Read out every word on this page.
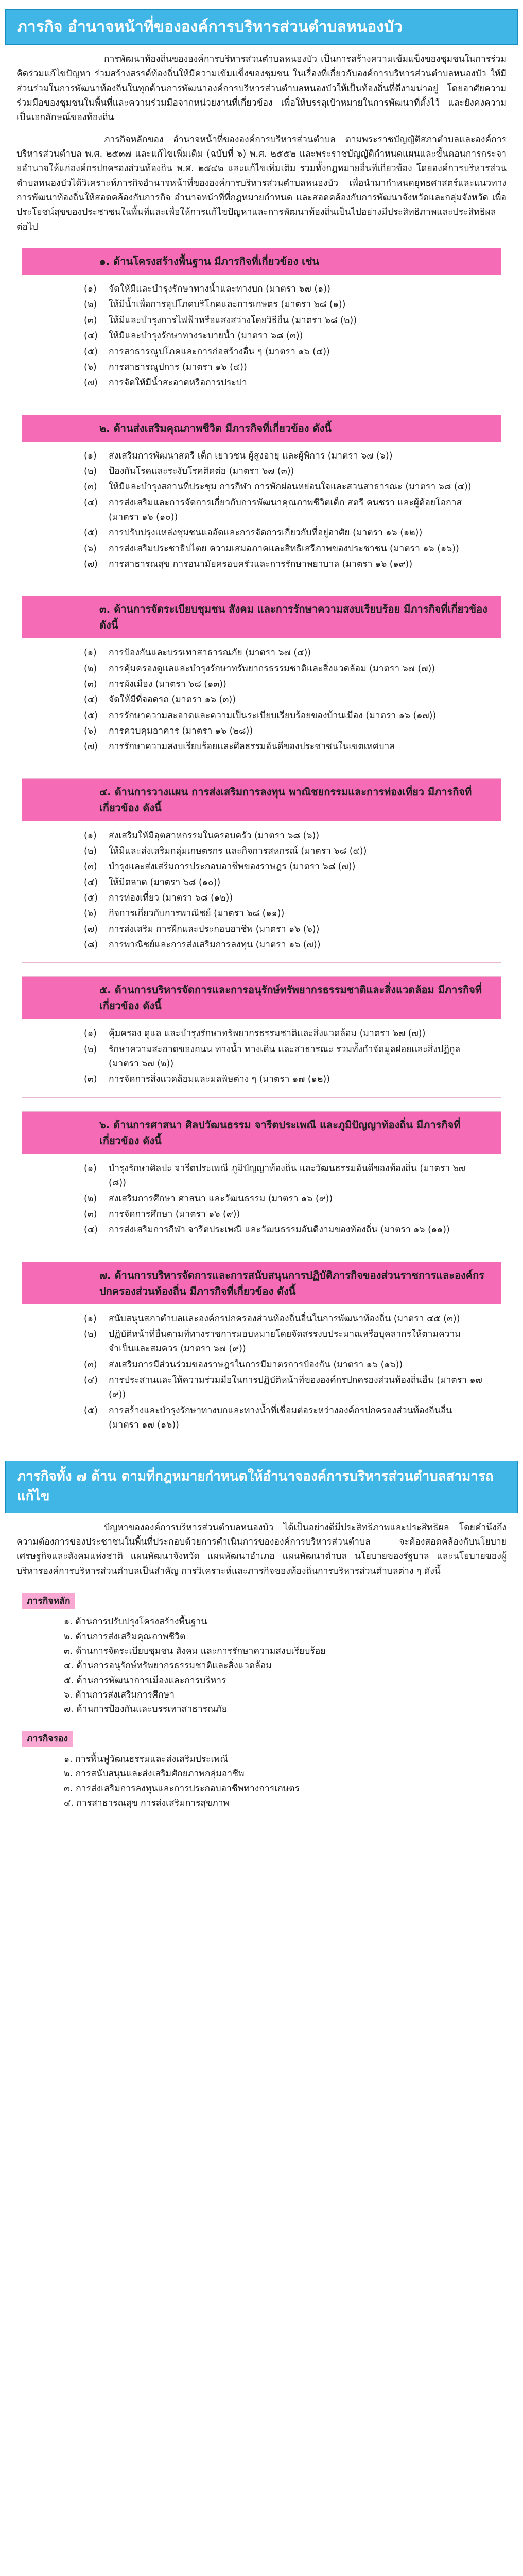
ภารกิจ อำนาจหน้าที่ขององค์การบริหารส่วนตำบลหนองบัว

การพัฒนาท้องถิ่นขององค์การบริหารส่วนตำบลหนองบัว เป็นการสร้างความเข้มแข็งของชุมชนในการร่วมคิดร่วมแก้ไขปัญหา ร่วมสร้างสรรค์ท้องถิ่นให้มีความเข้มแข็งของชุมชน ในเรื่องที่เกี่ยวกับองค์การบริหารส่วนตำบลหนองบัว ให้มีส่วนร่วมในการพัฒนาท้องถิ่นในทุกด้านการพัฒนาองค์การบริหารส่วนตำบลหนองบัวให้เป็นท้องถิ่นที่ดีงามน่าอยู่ โดยอาศัยความร่วมมือของชุมชนในพื้นที่และความร่วมมือจากหน่วยงานที่เกี่ยวข้อง เพื่อให้บรรลุเป้าหมายในการพัฒนาที่ตั้งไว้ และยังคงความเป็นเอกลักษณ์ของท้องถิ่น

ภารกิจหลักของ อำนาจหน้าที่ขององค์การบริหารส่วนตำบล ตามพระราชบัญญัติสภาตำบลและองค์การบริหารส่วนตำบล พ.ศ. ๒๕๓๗ และแก้ไขเพิ่มเติม (ฉบับที่ ๖) พ.ศ. ๒๕๕๒ และพระราชบัญญัติกำหนดแผนและขั้นตอนการกระจายอำนาจให้แก่องค์กรปกครองส่วนท้องถิ่น พ.ศ. ๒๕๔๒ และแก้ไขเพิ่มเติม รวมทั้งกฎหมายอื่นที่เกี่ยวข้อง โดยองค์การบริหารส่วนตำบลหนองบัวได้วิเคราะห์ภารกิจอำนาจหน้าที่ขององค์การบริหารส่วนตำบลหนองบัว เพื่อนำมากำหนดยุทธศาสตร์และแนวทางการพัฒนาท้องถิ่นให้สอดคล้องกับภารกิจ อำนาจหน้าที่ที่กฎหมายกำหนด และสอดคล้องกับการพัฒนาจังหวัดและกลุ่มจังหวัด เพื่อประโยชน์สุขของประชาชนในพื้นที่และเพื่อให้การแก้ไขปัญหาและการพัฒนาท้องถิ่นเป็นไปอย่างมีประสิทธิภาพและประสิทธิผลต่อไป

๑. ด้านโครงสร้างพื้นฐาน มีภารกิจที่เกี่ยวข้อง เช่น
(๑) จัดให้มีและบำรุงรักษาทางน้ำและทางบก (มาตรา ๖๗ (๑))
(๒) ให้มีน้ำเพื่อการอุปโภคบริโภคและการเกษตร (มาตรา ๖๘ (๑))
(๓) ให้มีและบำรุงการไฟฟ้าหรือแสงสว่างโดยวิธีอื่น (มาตรา ๖๘ (๒))
(๔) ให้มีและบำรุงรักษาทางระบายน้ำ (มาตรา ๖๘ (๓))
(๕) การสาธารณูปโภคและการก่อสร้างอื่น ๆ (มาตรา ๑๖ (๔))
(๖) การสาธารณูปการ (มาตรา ๑๖ (๕))
(๗) การจัดให้มีน้ำสะอาดหรือการประปา
๒. ด้านส่งเสริมคุณภาพชีวิต มีภารกิจที่เกี่ยวข้อง ดังนี้
(๑) ส่งเสริมการพัฒนาสตรี เด็ก เยาวชน ผู้สูงอายุ และผู้พิการ (มาตรา ๖๗ (๖))
(๒) ป้องกันโรคและระงับโรคติดต่อ (มาตรา ๖๗ (๓))
(๓) ให้มีและบำรุงสถานที่ประชุม การกีฬา การพักผ่อนหย่อนใจและสวนสาธารณะ (มาตรา ๖๘ (๔))
(๔) การส่งเสริมและการจัดการเกี่ยวกับการพัฒนาคุณภาพชีวิตเด็ก สตรี คนชรา และผู้ด้อยโอกาส (มาตรา ๑๖ (๑๐))
(๕) การปรับปรุงแหล่งชุมชนแออัดและการจัดการเกี่ยวกับที่อยู่อาศัย (มาตรา ๑๖ (๑๒))
(๖) การส่งเสริมประชาธิปไตย ความเสมอภาคและสิทธิเสรีภาพของประชาชน (มาตรา ๑๖ (๑๖))
(๗) การสาธารณสุข การอนามัยครอบครัวและการรักษาพยาบาล (มาตรา ๑๖ (๑๙))
๓. ด้านการจัดระเบียบชุมชน สังคม และการรักษาความสงบเรียบร้อย มีภารกิจที่เกี่ยวข้อง ดังนี้
(๑) การป้องกันและบรรเทาสาธารณภัย (มาตรา ๖๗ (๔))
(๒) การคุ้มครองดูแลและบำรุงรักษาทรัพยากรธรรมชาติและสิ่งแวดล้อม (มาตรา ๖๗ (๗))
(๓) การผังเมือง (มาตรา ๖๘ (๑๓))
(๔) จัดให้มีที่จอดรถ (มาตรา ๑๖ (๓))
(๕) การรักษาความสะอาดและความเป็นระเบียบเรียบร้อยของบ้านเมือง (มาตรา ๑๖ (๑๗))
(๖) การควบคุมอาคาร (มาตรา ๑๖ (๒๘))
(๗) การรักษาความสงบเรียบร้อยและศีลธรรมอันดีของประชาชนในเขตเทศบาล
๔. ด้านการวางแผน การส่งเสริมการลงทุน พาณิชยกรรมและการท่องเที่ยว มีภารกิจที่เกี่ยวข้อง ดังนี้
(๑) ส่งเสริมให้มีอุตสาหกรรมในครอบครัว (มาตรา ๖๘ (๖))
(๒) ให้มีและส่งเสริมกลุ่มเกษตรกร และกิจการสหกรณ์ (มาตรา ๖๘ (๕))
(๓) บำรุงและส่งเสริมการประกอบอาชีพของราษฎร (มาตรา ๖๘ (๗))
(๔) ให้มีตลาด (มาตรา ๖๘ (๑๐))
(๕) การท่องเที่ยว (มาตรา ๖๘ (๑๒))
(๖) กิจการเกี่ยวกับการพาณิชย์ (มาตรา ๖๘ (๑๑))
(๗) การส่งเสริม การฝึกและประกอบอาชีพ (มาตรา ๑๖ (๖))
(๘) การพาณิชย์และการส่งเสริมการลงทุน (มาตรา ๑๖ (๗))
๕. ด้านการบริหารจัดการและการอนุรักษ์ทรัพยากรธรรมชาติและสิ่งแวดล้อม มีภารกิจที่เกี่ยวข้อง ดังนี้
(๑) คุ้มครอง ดูแล และบำรุงรักษาทรัพยากรธรรมชาติและสิ่งแวดล้อม (มาตรา ๖๗ (๗))
(๒) รักษาความสะอาดของถนน ทางน้ำ ทางเดิน และสาธารณะ รวมทั้งกำจัดมูลฝอยและสิ่งปฏิกูล (มาตรา ๖๗ (๒))
(๓) การจัดการสิ่งแวดล้อมและมลพิษต่าง ๆ (มาตรา ๑๗ (๑๒))
๖. ด้านการศาสนา ศิลปวัฒนธรรม จารีตประเพณี และภูมิปัญญาท้องถิ่น มีภารกิจที่เกี่ยวข้อง ดังนี้
(๑) บำรุงรักษาศิลปะ จารีตประเพณี ภูมิปัญญาท้องถิ่น และวัฒนธรรมอันดีของท้องถิ่น (มาตรา ๖๗ (๘))
(๒) ส่งเสริมการศึกษา ศาสนา และวัฒนธรรม (มาตรา ๑๖ (๙))
(๓) การจัดการศึกษา (มาตรา ๑๖ (๙))
(๔) การส่งเสริมการกีฬา จารีตประเพณี และวัฒนธรรมอันดีงามของท้องถิ่น (มาตรา ๑๖ (๑๑))
๗. ด้านการบริหารจัดการและการสนับสนุนการปฏิบัติภารกิจของส่วนราชการและองค์กรปกครองส่วนท้องถิ่น มีภารกิจที่เกี่ยวข้อง ดังนี้
(๑) สนับสนุนสภาตำบลและองค์กรปกครองส่วนท้องถิ่นอื่นในการพัฒนาท้องถิ่น (มาตรา ๔๕ (๓))
(๒) ปฏิบัติหน้าที่อื่นตามที่ทางราชการมอบหมายโดยจัดสรรงบประมาณหรือบุคลากรให้ตามความจำเป็นและสมควร (มาตรา ๖๗ (๙))
(๓) ส่งเสริมการมีส่วนร่วมของราษฎรในการมีมาตรการป้องกัน (มาตรา ๑๖ (๑๖))
(๔) การประสานและให้ความร่วมมือในการปฏิบัติหน้าที่ขององค์กรปกครองส่วนท้องถิ่นอื่น (มาตรา ๑๗ (๙))
(๕) การสร้างและบำรุงรักษาทางบกและทางน้ำที่เชื่อมต่อระหว่างองค์กรปกครองส่วนท้องถิ่นอื่น (มาตรา ๑๗ (๑๖))
ภารกิจทั้ง ๗ ด้าน ตามที่กฎหมายกำหนดให้อำนาจองค์การบริหารส่วนตำบลสามารถแก้ไข

ปัญหาขององค์การบริหารส่วนตำบลหนองบัว ได้เป็นอย่างดีมีประสิทธิภาพและประสิทธิผล โดยคำนึงถึงความต้องการของประชาชนในพื้นที่ประกอบด้วยการดำเนินการขององค์การบริหารส่วนตำบล จะต้องสอดคล้องกับนโยบายเศรษฐกิจและสังคมแห่งชาติ แผนพัฒนาจังหวัด แผนพัฒนาอำเภอ แผนพัฒนาตำบล นโยบายของรัฐบาล และนโยบายของผู้บริหารองค์การบริหารส่วนตำบลเป็นสำคัญ การวิเคราะห์และภารกิจของท้องถิ่นการบริหารส่วนตำบลต่าง ๆ ดังนี้

ภารกิจหลัก
๑. ด้านการปรับปรุงโครงสร้างพื้นฐาน
๒. ด้านการส่งเสริมคุณภาพชีวิต
๓. ด้านการจัดระเบียบชุมชน สังคม และการรักษาความสงบเรียบร้อย
๔. ด้านการอนุรักษ์ทรัพยากรธรรมชาติและสิ่งแวดล้อม
๕. ด้านการพัฒนาการเมืองและการบริหาร
๖. ด้านการส่งเสริมการศึกษา
๗. ด้านการป้องกันและบรรเทาสาธารณภัย
ภารกิจรอง
๑. การฟื้นฟูวัฒนธรรมและส่งเสริมประเพณี
๒. การสนับสนุนและส่งเสริมศักยภาพกลุ่มอาชีพ
๓. การส่งเสริมการลงทุนและการประกอบอาชีพทางการเกษตร
๔. การสาธารณสุข การส่งเสริมการสุขภาพ
